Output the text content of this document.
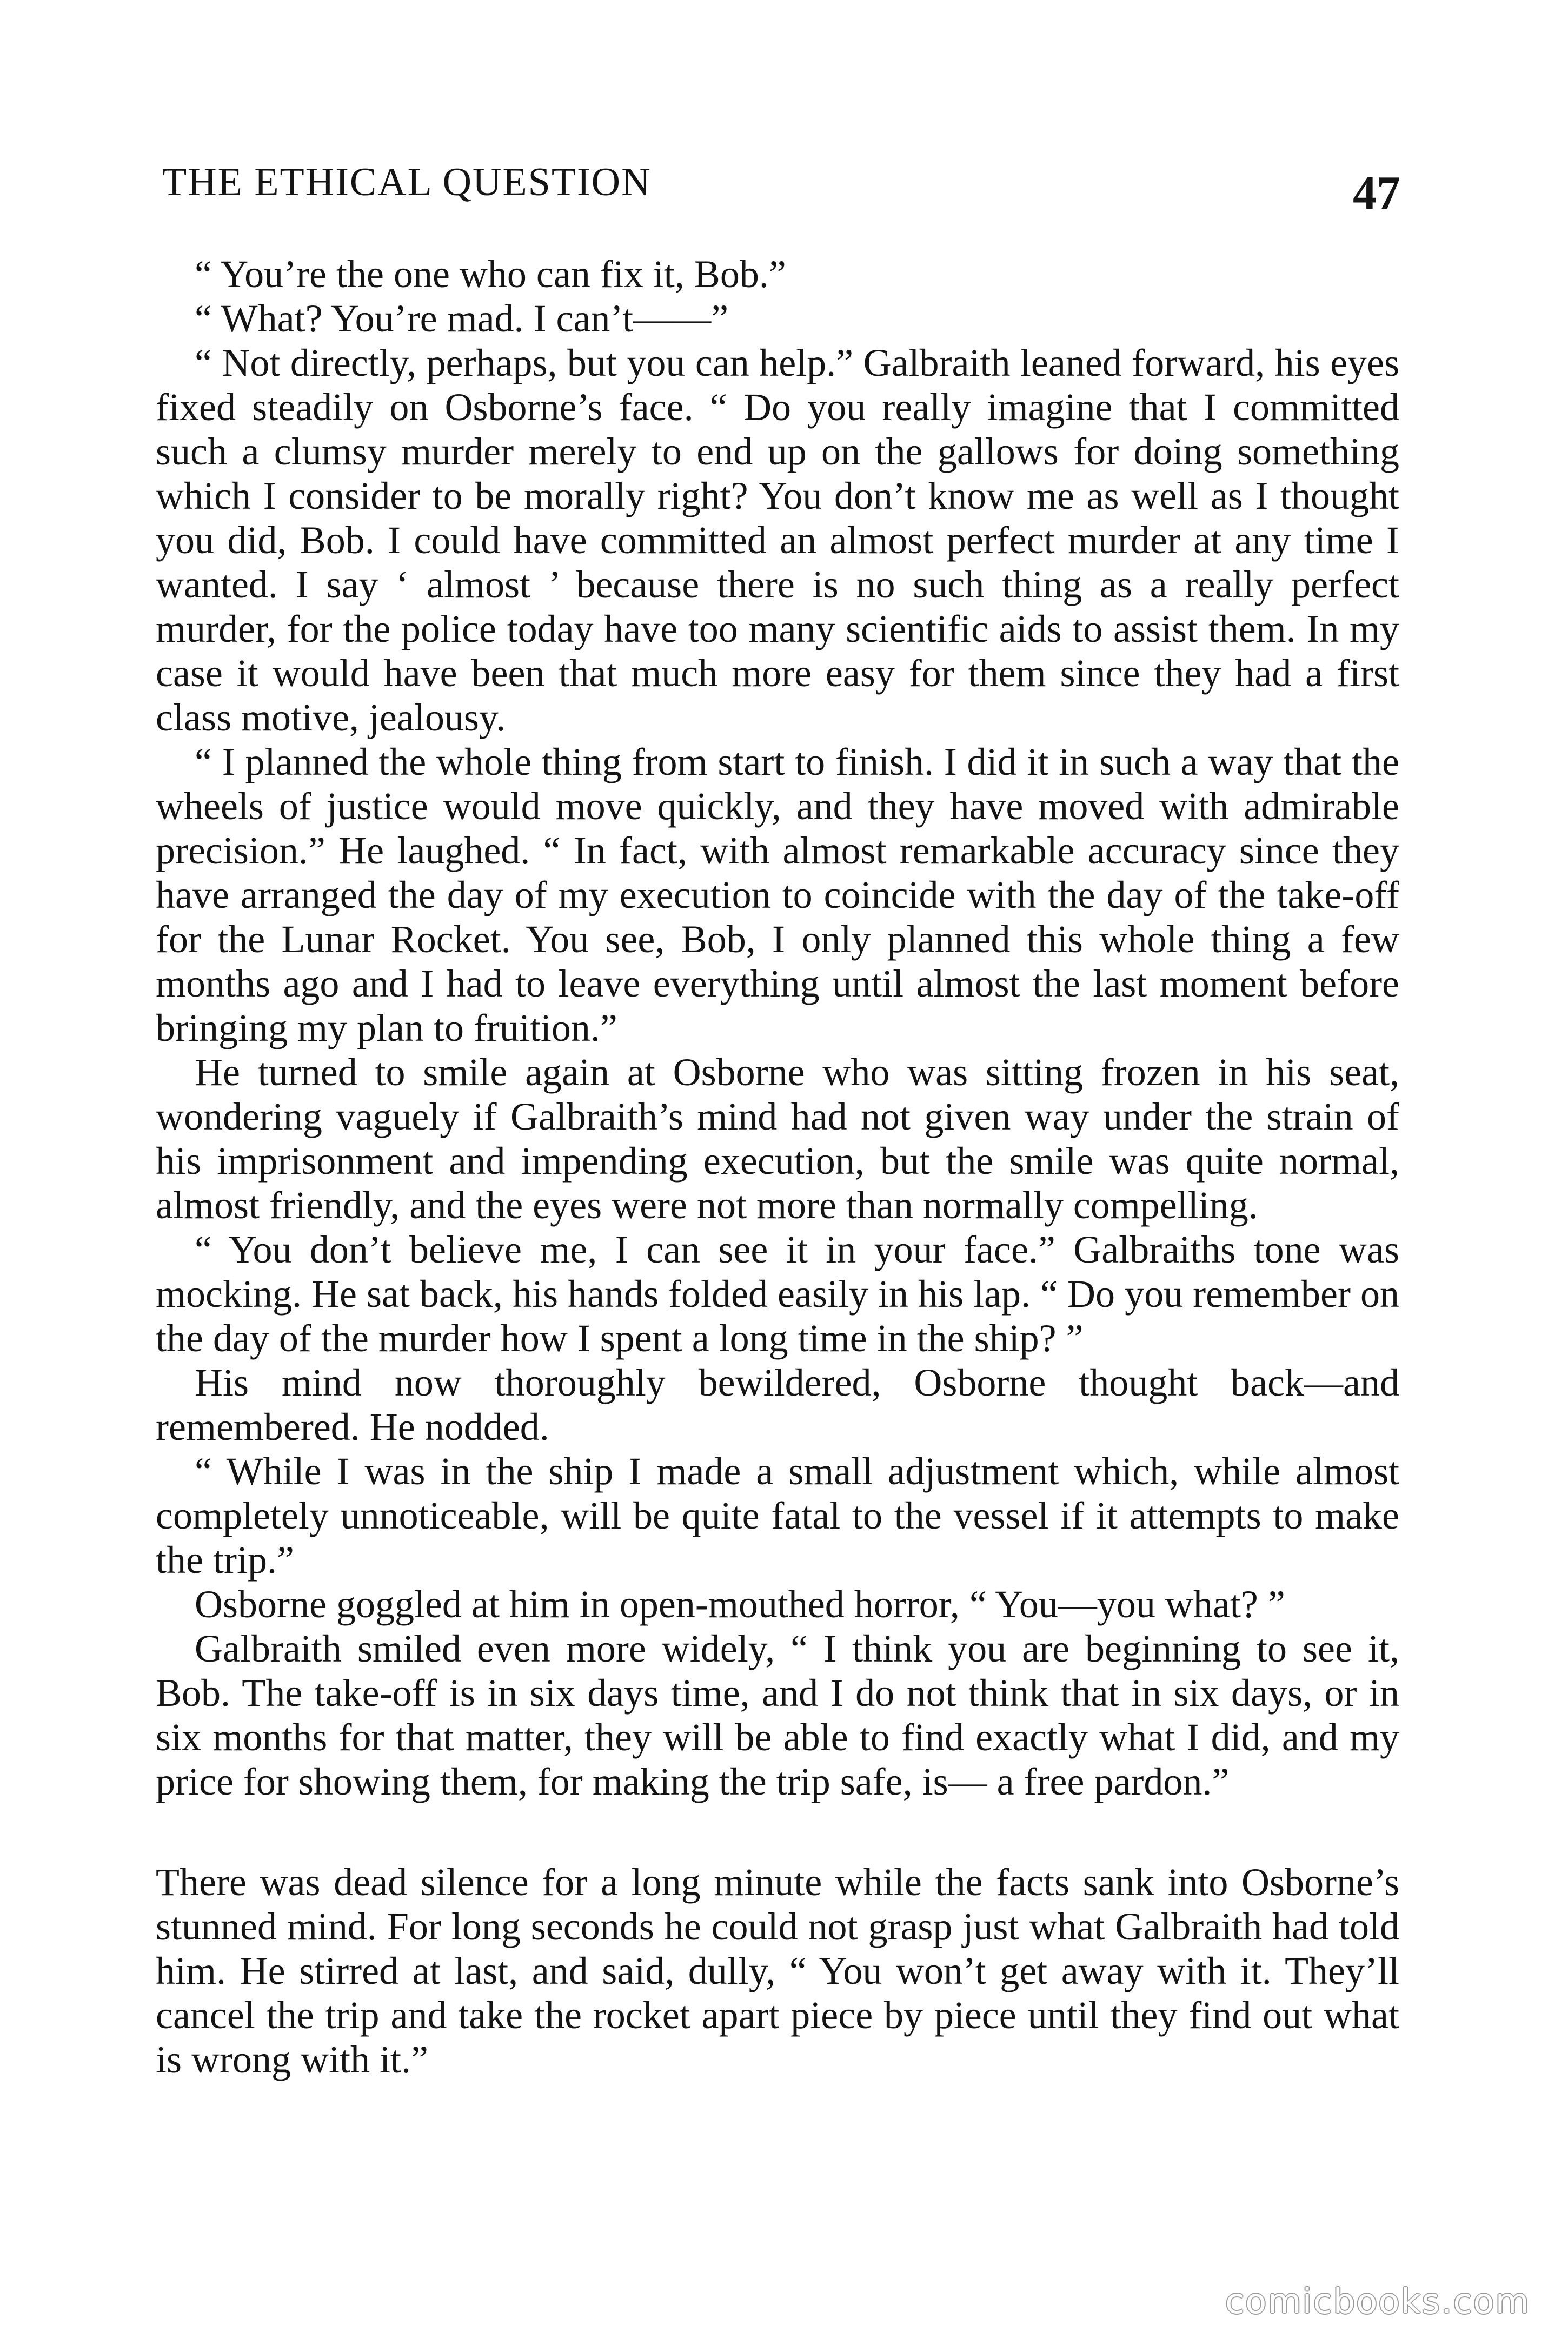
THE ETHICAL QUESTION	47

“ You’re the one who can fix it, Bob.”

“ What? You’re mad. I can’t——”

“ Not directly, perhaps, but you can help.” Galbraith leaned forward, his eyes fixed steadily on Osborne’s face. “ Do you really imagine that I committed such a clumsy murder merely to end up on the gallows for doing something which I consider to be morally right? You don’t know me as well as I thought you did, Bob. I could have committed an almost perfect murder at any time I wanted. I say ‘ almost ’ because there is no such thing as a really perfect murder, for the police today have too many scientific aids to assist them. In my case it would have been that much more easy for them since they had a first class motive, jealousy.

“ I planned the whole thing from start to finish. I did it in such a way that the wheels of justice would move quickly, and they have moved with admirable precision.” He laughed. “ In fact, with almost remarkable accuracy since they have arranged the day of my execution to coincide with the day of the take-off for the Lunar Rocket. You see, Bob, I only planned this whole thing a few months ago and I had to leave everything until almost the last moment before bringing my plan to fruition.”

He turned to smile again at Osborne who was sitting frozen in his seat, wondering vaguely if Galbraith’s mind had not given way under the strain of his imprisonment and impending execution, but the smile was quite normal, almost friendly, and the eyes were not more than normally compelling.

“ You don’t believe me, I can see it in your face.” Galbraiths tone was mocking. He sat back, his hands folded easily in his lap. “ Do you remember on the day of the murder how I spent a long time in the ship? ”

His mind now thoroughly bewildered, Osborne thought back—and remembered. He nodded.

“ While I was in the ship I made a small adjustment which, while almost completely unnoticeable, will be quite fatal to the vessel if it attempts to make the trip.”

Osborne goggled at him in open-mouthed horror, “ You—you what? ”

Galbraith smiled even more widely, “ I think you are beginning to see it, Bob. The take-off is in six days time, and I do not think that in six days, or in six months for that matter, they will be able to find exactly what I did, and my price for showing them, for making the trip safe, is— a free pardon.”

There was dead silence for a long minute while the facts sank into Osborne’s stunned mind. For long seconds he could not grasp just what Galbraith had told him. He stirred at last, and said, dully, “ You won’t get away with it. They’ll cancel the trip and take the rocket apart piece by piece until they find out what is wrong with it.”

comicbooks.com
